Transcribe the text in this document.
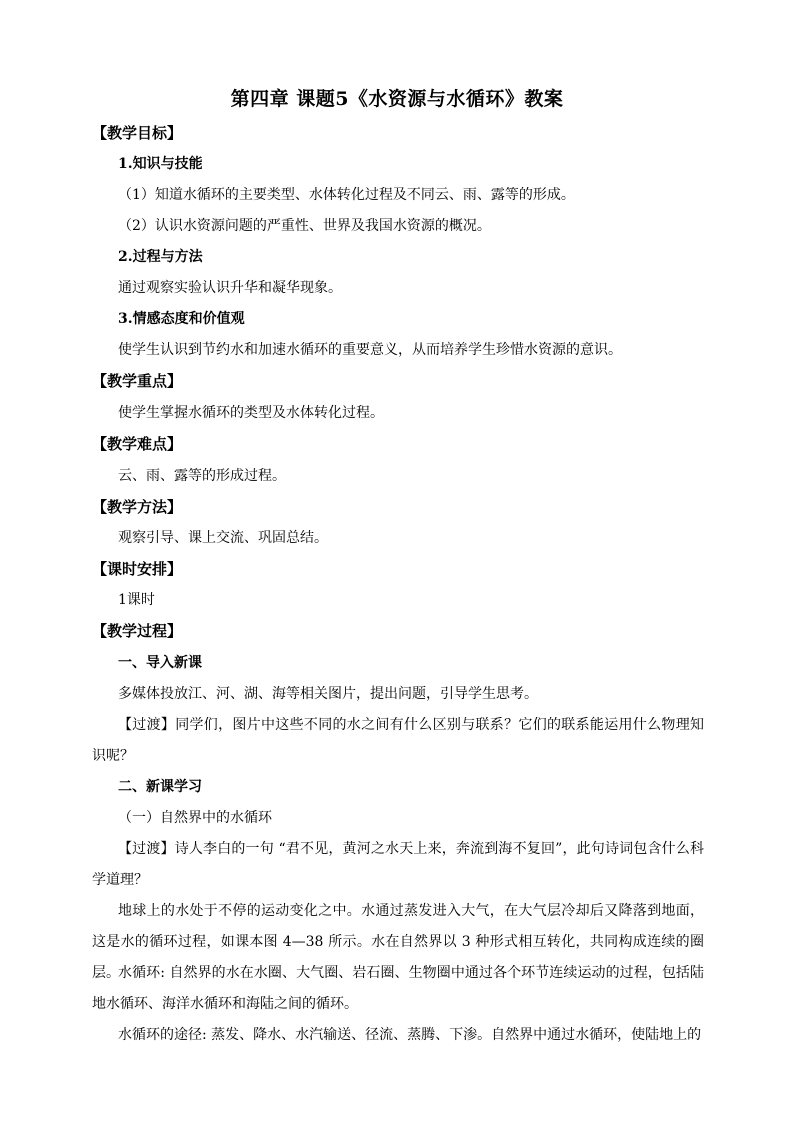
第四章 课题5《水资源与水循环》教案
【教学目标】
1.知识与技能
（1）知道水循环的主要类型、水体转化过程及不同云、雨、露等的形成。
（2）认识水资源问题的严重性、世界及我国水资源的概况。
2.过程与方法
通过观察实验认识升华和凝华现象。
3.情感态度和价值观
使学生认识到节约水和加速水循环的重要意义，从而培养学生珍惜水资源的意识。
【教学重点】
使学生掌握水循环的类型及水体转化过程。
【教学难点】
云、雨、露等的形成过程。
【教学方法】
观察引导、课上交流、巩固总结。
【课时安排】
1课时
【教学过程】
一、导入新课
多媒体投放江、河、湖、海等相关图片，提出问题，引导学生思考。
【过渡】同学们，图片中这些不同的水之间有什么区别与联系？它们的联系能运用什么物理知识呢？
二、新课学习
（一）自然界中的水循环
【过渡】诗人李白的一句 “君不见，黄河之水天上来，奔流到海不复回”，此句诗词包含什么科学道理？
地球上的水处于不停的运动变化之中。水通过蒸发进入大气，在大气层冷却后又降落到地面，这是水的循环过程，如课本图 4—38 所示。水在自然界以 3 种形式相互转化，共同构成连续的圈层。
水循环: 自然界的水在水圈、大气圈、岩石圈、生物圈中通过各个环节连续运动的过程，包括陆地水循环、海洋水循环和海陆之间的循环。
水循环的途径: 蒸发、降水、水汽输送、径流、蒸腾、下渗。自然界中通过水循环，使陆地上的
